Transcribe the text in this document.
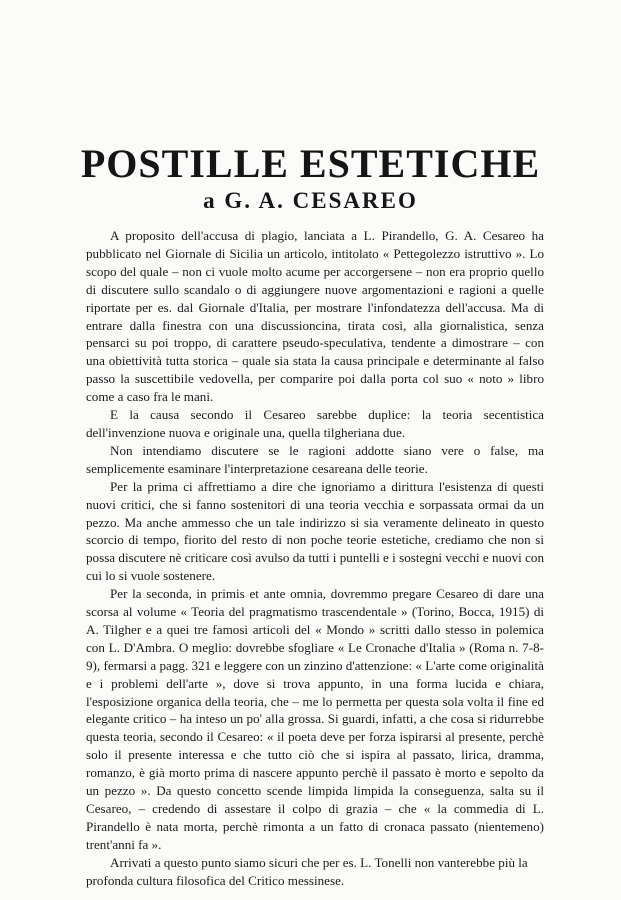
POSTILLE ESTETICHE
a G. A. CESAREO

A proposito dell'accusa di plagio, lanciata a L. Pirandello, G. A. Cesareo ha pubblicato nel Giornale di Sicilia un articolo, intitolato « Pettegolezzo istruttivo ». Lo scopo del quale – non ci vuole molto acume per accorgersene – non era proprio quello di discutere sullo scandalo o di aggiungere nuove argomentazioni e ragioni a quelle riportate per es. dal Giornale d'Italia, per mostrare l'infondatezza dell'accusa. Ma di entrare dalla finestra con una discussioncina, tirata così, alla giornalistica, senza pensarci su poi troppo, di carattere pseudo-speculativa, tendente a dimostrare – con una obiettività tutta storica – quale sia stata la causa principale e determinante al falso passo la suscettibile vedovella, per comparire poi dalla porta col suo « noto » libro come a caso fra le mani.

E la causa secondo il Cesareo sarebbe duplice: la teoria secentistica dell'invenzione nuova e originale una, quella tilgheriana due.

Non intendiamo discutere se le ragioni addotte siano vere o false, ma semplicemente esaminare l'interpretazione cesareana delle teorie.

Per la prima ci affrettiamo a dire che ignoriamo a dirittura l'esistenza di questi nuovi critici, che si fanno sostenitori di una teoria vecchia e sorpassata ormai da un pezzo. Ma anche ammesso che un tale indirizzo si sia veramente delineato in questo scorcio di tempo, fiorito del resto di non poche teorie estetiche, crediamo che non si possa discutere nè criticare così avulso da tutti i puntelli e i sostegni vecchi e nuovi con cui lo si vuole sostenere.

Per la seconda, in primis et ante omnia, dovremmo pregare Cesareo di dare una scorsa al volume « Teoria del pragmatismo trascendentale » (Torino, Bocca, 1915) di A. Tilgher e a quei tre famosi articoli del « Mondo » scritti dallo stesso in polemica con L. D'Ambra. O meglio: dovrebbe sfogliare « Le Cronache d'Italia » (Roma n. 7-8-9), fermarsi a pagg. 321 e leggere con un zinzino d'attenzione: « L'arte come originalità e i problemi dell'arte », dove si trova appunto, in una forma lucida e chiara, l'esposizione organica della teoria, che – me lo permetta per questa sola volta il fine ed elegante critico – ha inteso un po' alla grossa. Si guardi, infatti, a che cosa si ridurrebbe questa teoria, secondo il Cesareo: « il poeta deve per forza ispirarsi al presente, perchè solo il presente interessa e che tutto ciò che si ispira al passato, lirica, dramma, romanzo, è già morto prima di nascere appunto perchè il passato è morto e sepolto da un pezzo ». Da questo concetto scende limpida limpida la conseguenza, salta su il Cesareo, – credendo di assestare il colpo di grazia – che « la commedia di L. Pirandello è nata morta, perchè rimonta a un fatto di cronaca passato (nientemeno) trent'anni fa ».

Arrivati a questo punto siamo sicuri che per es. L. Tonelli non vanterebbe più la profonda cultura filosofica del Critico messinese.
